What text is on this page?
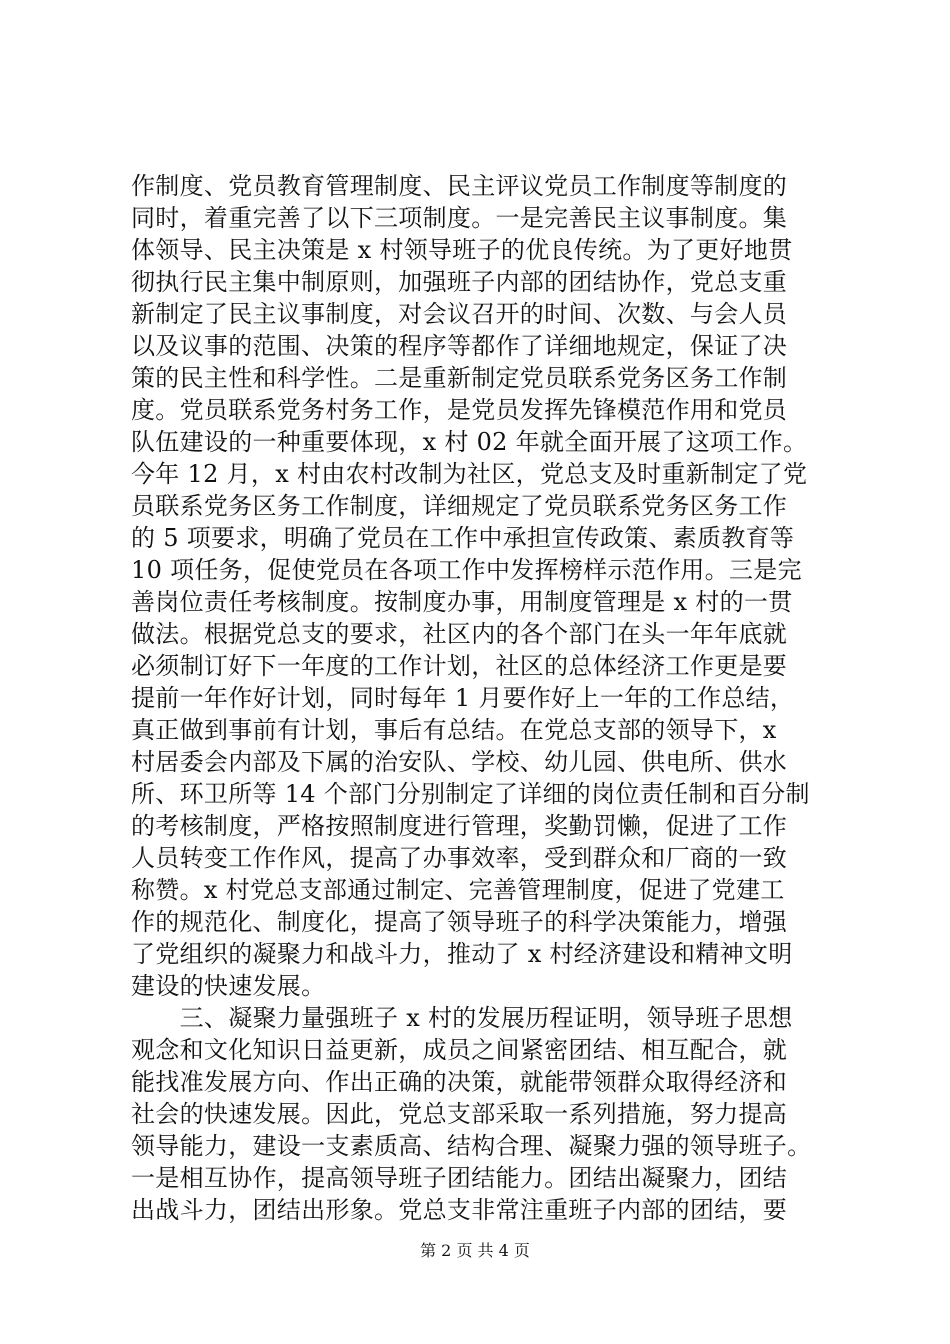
作制度、党员教育管理制度、民主评议党员工作制度等制度的
同时，着重完善了以下三项制度。一是完善民主议事制度。集
体领导、民主决策是 x 村领导班子的优良传统。为了更好地贯
彻执行民主集中制原则，加强班子内部的团结协作，党总支重
新制定了民主议事制度，对会议召开的时间、次数、与会人员
以及议事的范围、决策的程序等都作了详细地规定，保证了决
策的民主性和科学性。二是重新制定党员联系党务区务工作制
度。党员联系党务村务工作，是党员发挥先锋模范作用和党员
队伍建设的一种重要体现，x 村 02 年就全面开展了这项工作。
今年 12 月，x 村由农村改制为社区，党总支及时重新制定了党
员联系党务区务工作制度，详细规定了党员联系党务区务工作
的 5 项要求，明确了党员在工作中承担宣传政策、素质教育等
10 项任务，促使党员在各项工作中发挥榜样示范作用。三是完
善岗位责任考核制度。按制度办事，用制度管理是 x 村的一贯
做法。根据党总支的要求，社区内的各个部门在头一年年底就
必须制订好下一年度的工作计划，社区的总体经济工作更是要
提前一年作好计划，同时每年 1 月要作好上一年的工作总结，
真正做到事前有计划，事后有总结。在党总支部的领导下，x
村居委会内部及下属的治安队、学校、幼儿园、供电所、供水
所、环卫所等 14 个部门分别制定了详细的岗位责任制和百分制
的考核制度，严格按照制度进行管理，奖勤罚懒，促进了工作
人员转变工作作风，提高了办事效率，受到群众和厂商的一致
称赞。x 村党总支部通过制定、完善管理制度，促进了党建工
作的规范化、制度化，提高了领导班子的科学决策能力，增强
了党组织的凝聚力和战斗力，推动了 x 村经济建设和精神文明
建设的快速发展。
　　三、凝聚力量强班子 x 村的发展历程证明，领导班子思想
观念和文化知识日益更新，成员之间紧密团结、相互配合，就
能找准发展方向、作出正确的决策，就能带领群众取得经济和
社会的快速发展。因此，党总支部采取一系列措施，努力提高
领导能力，建设一支素质高、结构合理、凝聚力强的领导班子。
一是相互协作，提高领导班子团结能力。团结出凝聚力，团结
出战斗力，团结出形象。党总支非常注重班子内部的团结，要
第 2 页 共 4 页
